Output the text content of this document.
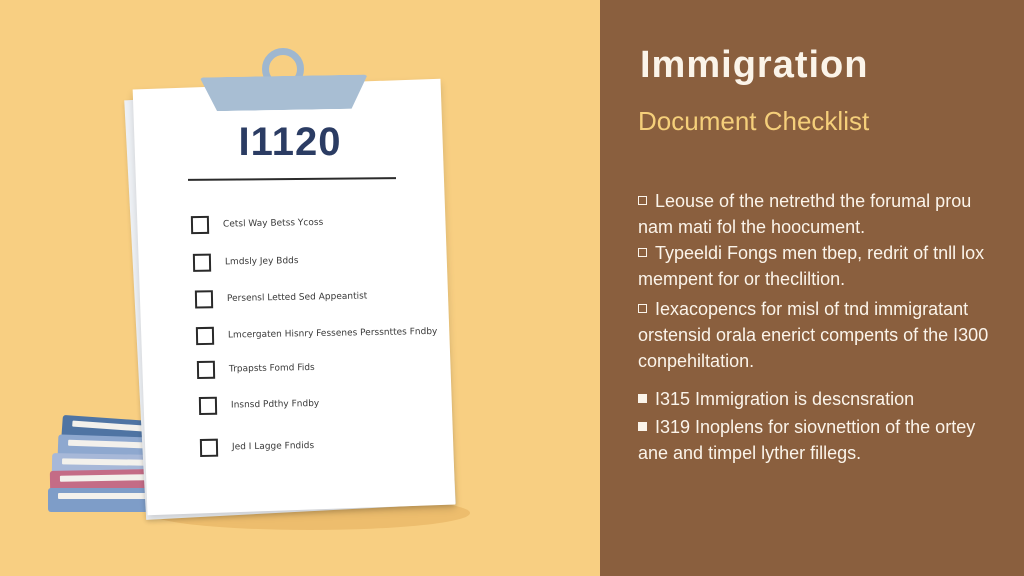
I1120
Cetsl Way Betss Ycoss
Lmdsly Jey Bdds
Persensl Letted Sed Appeantist
Lmcergaten Hisnry Fessenes Perssnttes Fndby
Trpapsts Fomd Fids
Insnsd Pdthy Fndby
Jed I Lagge Fndids
Immigration
Document Checklist
Leouse of the netrethd the forumal prou nam mati fol the hoocument.
Typeeldi Fongs men tbep, redrit of tnll lox mempent for or thecliltion.
Iexacopencs for misl of tnd immigratant orstensid orala enerict compents of the I300 conpehiltation.
I315 Immigration is descnsration
I319 Inoplens for siovnettion of the ortey ane and timpel lyther fillegs.
